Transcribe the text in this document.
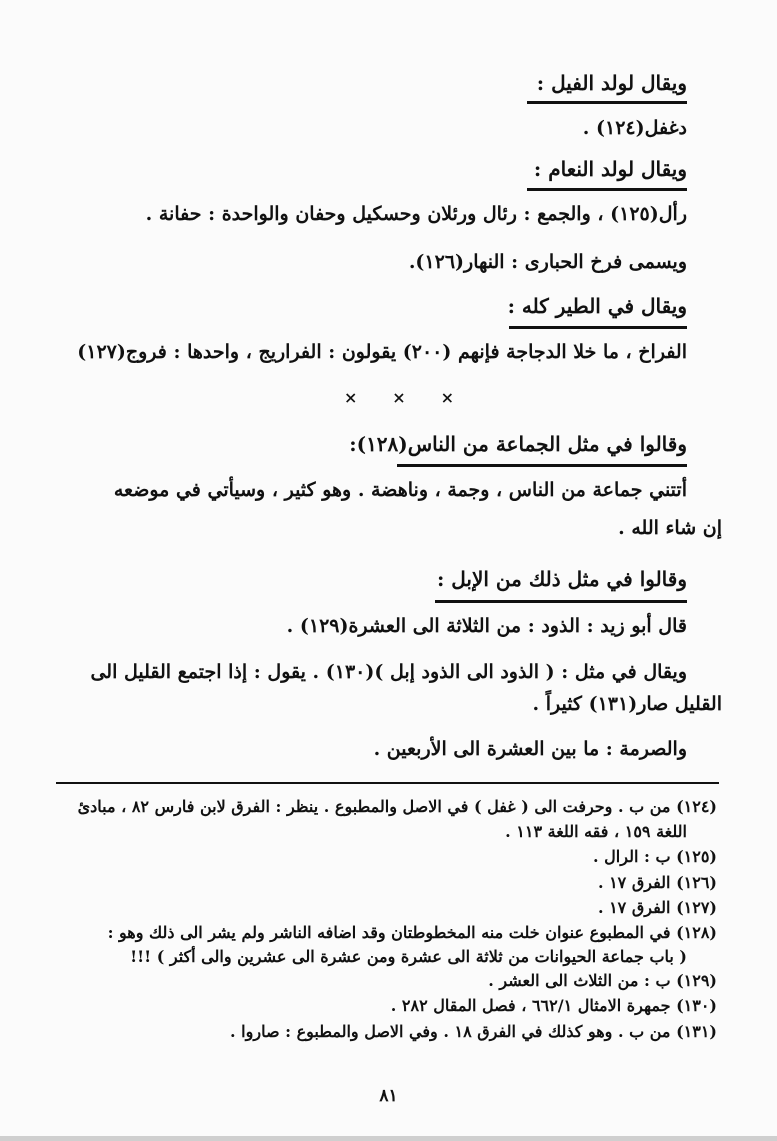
ويقال لولد الفيل :
دغفل(١٢٤) .
ويقال لولد النعام :
رأل(١٢٥) ، والجمع : رئال ورئلان وحسكيل وحفان والواحدة : حفانة .
ويسمى فرخ الحبارى : النهار(١٢٦).
ويقال في الطير كله :
الفراخ ، ما خلا الدجاجة فإنهم (٢٠٠) يقولون : الفراريج ، واحدها : فروج(١٢٧)
× × ×
وقالوا في مثل الجماعة من الناس(١٢٨):
أتتني جماعة من الناس ، وجمة ، وناهضة . وهو كثير ، وسيأتي في موضعه
إن شاء الله .
وقالوا في مثل ذلك من الإبل :
قال أبو زيد : الذود : من الثلاثة الى العشرة(١٢٩) .
ويقال في مثل : ( الذود الى الذود إبل )(١٣٠) . يقول : إذا اجتمع القليل الى
القليل صار(١٣١) كثيراً .
والصرمة : ما بين العشرة الى الأربعين .
(١٢٤) من ب . وحرفت الى ( غفل ) في الاصل والمطبوع . ينظر : الفرق لابن فارس ٨٢ ، مبادئ
اللغة ١٥٩ ، فقه اللغة ١١٣ .
(١٢٥) ب : الرال .
(١٢٦) الفرق ١٧ .
(١٢٧) الفرق ١٧ .
(١٢٨) في المطبوع عنوان خلت منه المخطوطتان وقد اضافه الناشر ولم يشر الى ذلك وهو :
( باب جماعة الحيوانات من ثلاثة الى عشرة ومن عشرة الى عشرين والى أكثر ) !!!
(١٢٩) ب : من الثلاث الى العشر .
(١٣٠) جمهرة الامثال ٦٦٢/١ ، فصل المقال ٢٨٢ .
(١٣١) من ب . وهو كذلك في الفرق ١٨ . وفي الاصل والمطبوع : صاروا .
٨١
